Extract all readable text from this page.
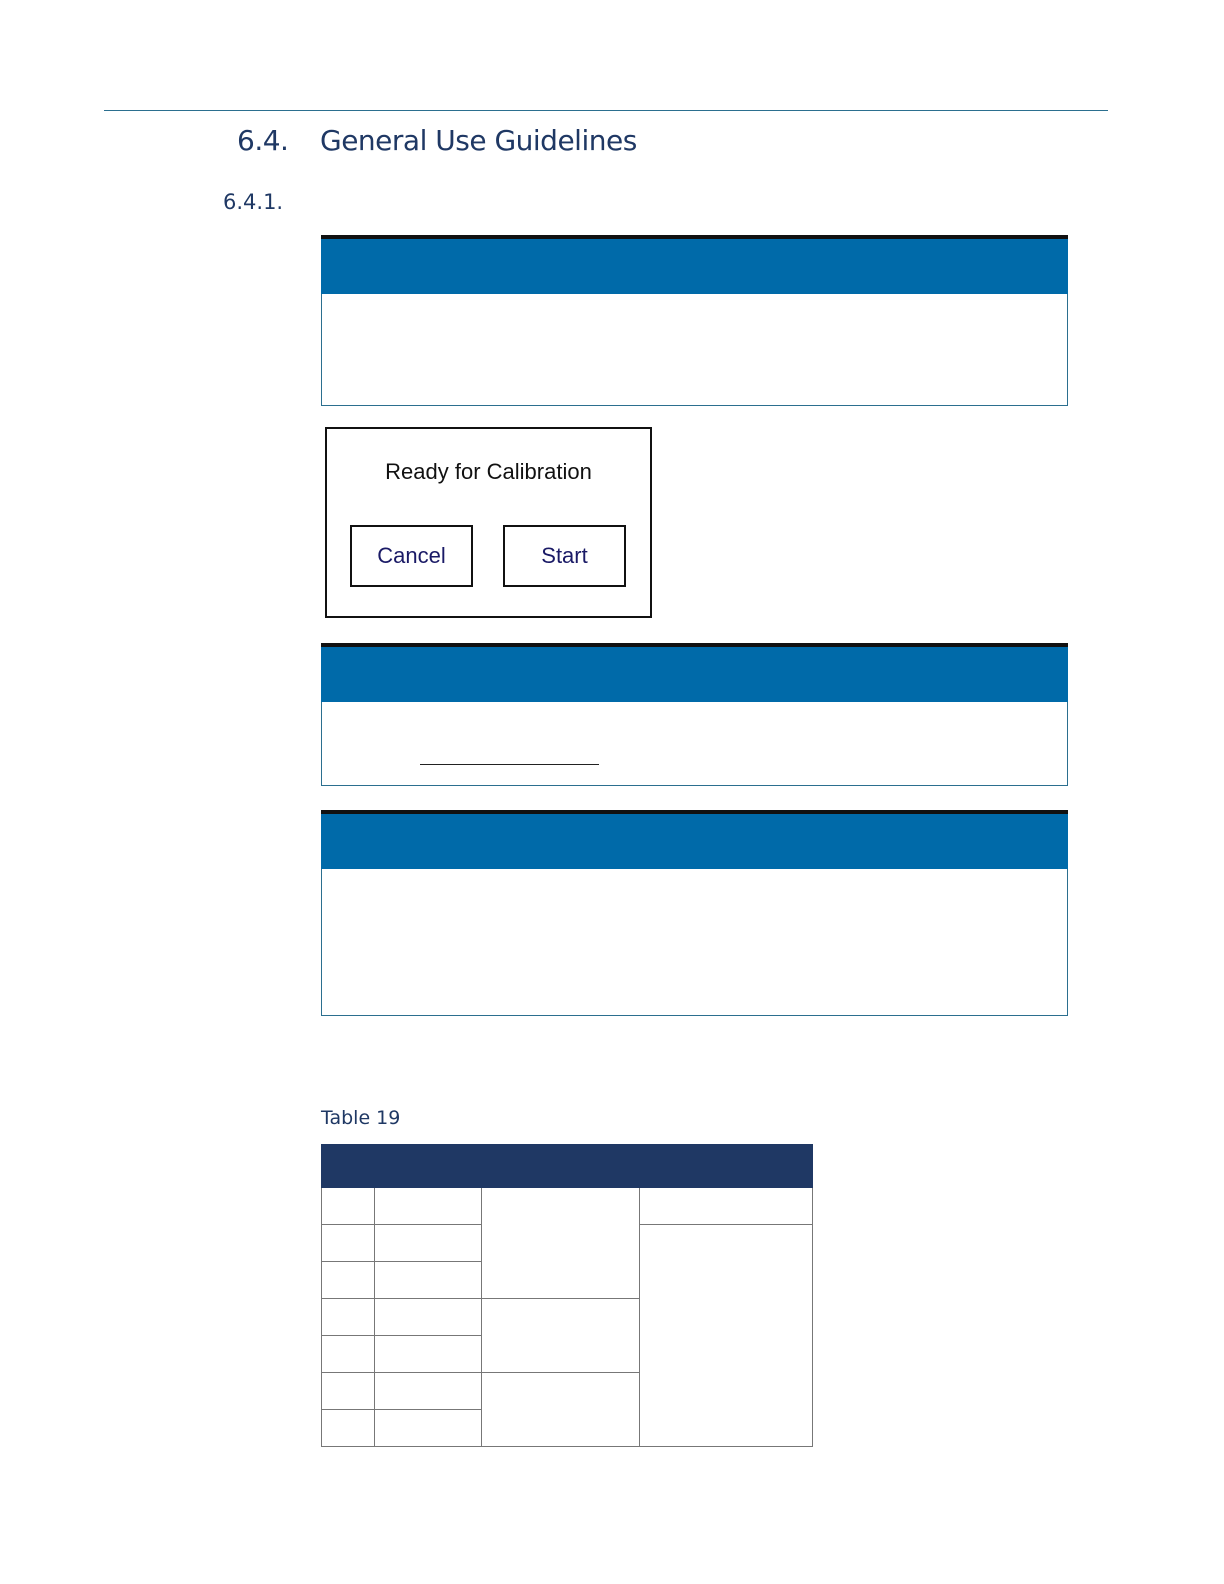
6.4. General Use Guidelines
6.4.1.
Ready for Calibration
Cancel	Start
Table 19
